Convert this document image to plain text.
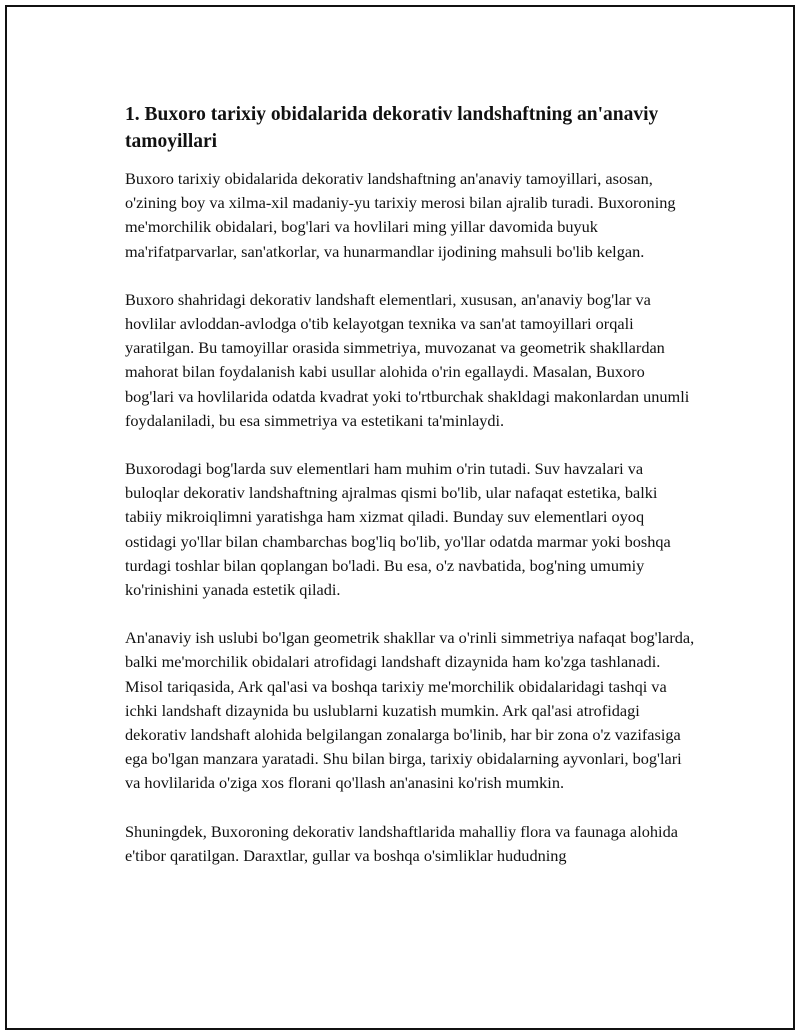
1. Buxoro tarixiy obidalarida dekorativ landshaftning an'anaviy tamoyillari

Buxoro tarixiy obidalarida dekorativ landshaftning an'anaviy tamoyillari, asosan, o'zining boy va xilma-xil madaniy-yu tarixiy merosi bilan ajralib turadi. Buxoroning me'morchilik obidalari, bog'lari va hovlilari ming yillar davomida buyuk ma'rifatparvarlar, san'atkorlar, va hunarmandlar ijodining mahsuli bo'lib kelgan.

Buxoro shahridagi dekorativ landshaft elementlari, xususan, an'anaviy bog'lar va hovlilar avloddan-avlodga o'tib kelayotgan texnika va san'at tamoyillari orqali yaratilgan. Bu tamoyillar orasida simmetriya, muvozanat va geometrik shakllardan mahorat bilan foydalanish kabi usullar alohida o'rin egallaydi. Masalan, Buxoro bog'lari va hovlilarida odatda kvadrat yoki to'rtburchak shakldagi makonlardan unumli foydalaniladi, bu esa simmetriya va estetikani ta'minlaydi.

Buxorodagi bog'larda suv elementlari ham muhim o'rin tutadi. Suv havzalari va buloqlar dekorativ landshaftning ajralmas qismi bo'lib, ular nafaqat estetika, balki tabiiy mikroiqlimni yaratishga ham xizmat qiladi. Bunday suv elementlari oyoq ostidagi yo'llar bilan chambarchas bog'liq bo'lib, yo'llar odatda marmar yoki boshqa turdagi toshlar bilan qoplangan bo'ladi. Bu esa, o'z navbatida, bog'ning umumiy ko'rinishini yanada estetik qiladi.

An'anaviy ish uslubi bo'lgan geometrik shakllar va o'rinli simmetriya nafaqat bog'larda, balki me'morchilik obidalari atrofidagi landshaft dizaynida ham ko'zga tashlanadi. Misol tariqasida, Ark qal'asi va boshqa tarixiy me'morchilik obidalaridagi tashqi va ichki landshaft dizaynida bu uslublarni kuzatish mumkin. Ark qal'asi atrofidagi dekorativ landshaft alohida belgilangan zonalarga bo'linib, har bir zona o'z vazifasiga ega bo'lgan manzara yaratadi. Shu bilan birga, tarixiy obidalarning ayvonlari, bog'lari va hovlilarida o'ziga xos florani qo'llash an'anasini ko'rish mumkin.

Shuningdek, Buxoroning dekorativ landshaftlarida mahalliy flora va faunaga alohida e'tibor qaratilgan. Daraxtlar, gullar va boshqa o'simliklar hududning
